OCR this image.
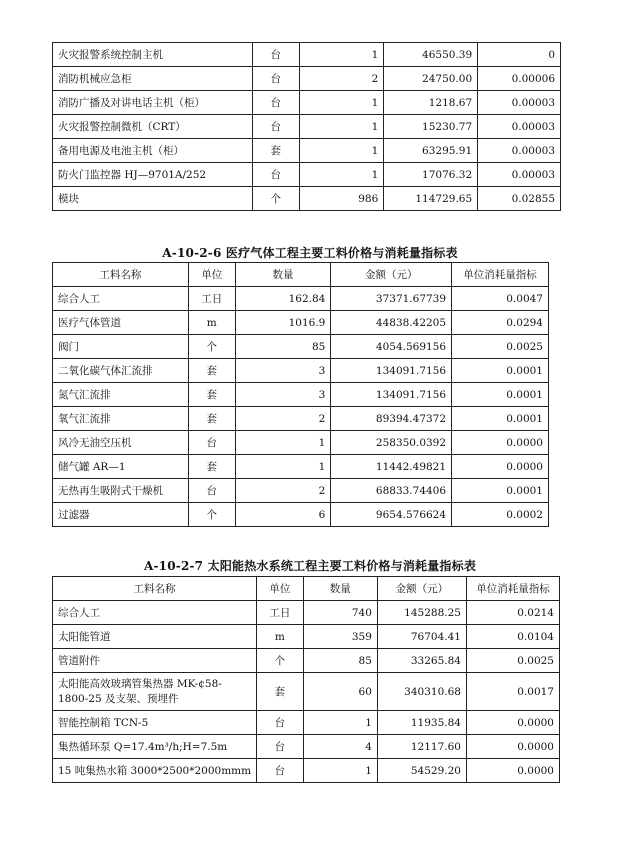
火灾报警系统控制主机	台	1	46550.39	0
消防机械应急柜	台	2	24750.00	0.00006
消防广播及对讲电话主机（柜）	台	1	1218.67	0.00003
火灾报警控制微机（CRT）	台	1	15230.77	0.00003
备用电源及电池主机（柜）	套	1	63295.91	0.00003
防火门监控器 HJ—9701A/252	台	1	17076.32	0.00003
模块	个	986	114729.65	0.02855
A-10-2-6 医疗气体工程主要工料价格与消耗量指标表
工料名称	单位	数量	金额（元）	单位消耗量指标
综合人工	工日	162.84	37371.67739	0.0047
医疗气体管道	m	1016.9	44838.42205	0.0294
阀门	个	85	4054.569156	0.0025
二氧化碳气体汇流排	套	3	134091.7156	0.0001
氮气汇流排	套	3	134091.7156	0.0001
氧气汇流排	套	2	89394.47372	0.0001
风冷无油空压机	台	1	258350.0392	0.0000
储气罐 AR—1	套	1	11442.49821	0.0000
无热再生吸附式干燥机	台	2	68833.74406	0.0001
过滤器	个	6	9654.576624	0.0002
A-10-2-7 太阳能热水系统工程主要工料价格与消耗量指标表
工料名称	单位	数量	金额（元）	单位消耗量指标
综合人工	工日	740	145288.25	0.0214
太阳能管道	m	359	76704.41	0.0104
管道附件	个	85	33265.84	0.0025
太阳能高效玻璃管集热器 MK-¢58-1800-25 及支架、预埋件	套	60	340310.68	0.0017
智能控制箱 TCN-5	台	1	11935.84	0.0000
集热循环泵 Q=17.4m³/h;H=7.5m	台	4	12117.60	0.0000
15 吨集热水箱 3000*2500*2000mmm	台	1	54529.20	0.0000
